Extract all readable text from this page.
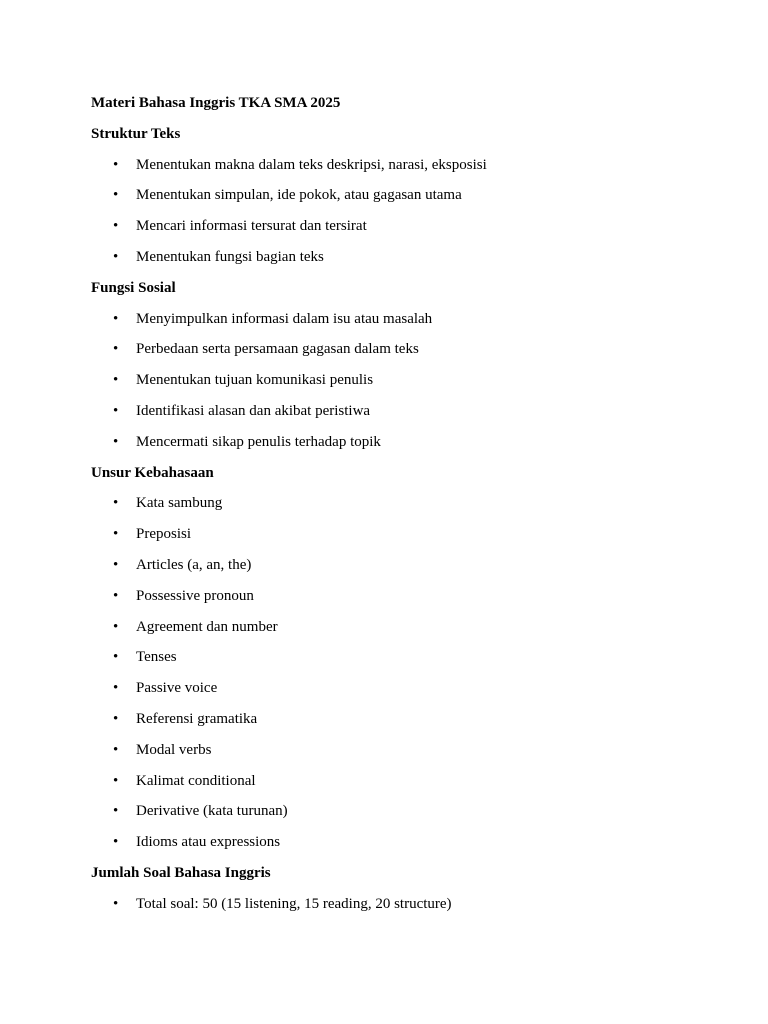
Materi Bahasa Inggris TKA SMA 2025
Struktur Teks
• Menentukan makna dalam teks deskripsi, narasi, eksposisi
• Menentukan simpulan, ide pokok, atau gagasan utama
• Mencari informasi tersurat dan tersirat
• Menentukan fungsi bagian teks
Fungsi Sosial
• Menyimpulkan informasi dalam isu atau masalah
• Perbedaan serta persamaan gagasan dalam teks
• Menentukan tujuan komunikasi penulis
• Identifikasi alasan dan akibat peristiwa
• Mencermati sikap penulis terhadap topik
Unsur Kebahasaan
• Kata sambung
• Preposisi
• Articles (a, an, the)
• Possessive pronoun
• Agreement dan number
• Tenses
• Passive voice
• Referensi gramatika
• Modal verbs
• Kalimat conditional
• Derivative (kata turunan)
• Idioms atau expressions
Jumlah Soal Bahasa Inggris
• Total soal: 50 (15 listening, 15 reading, 20 structure)
